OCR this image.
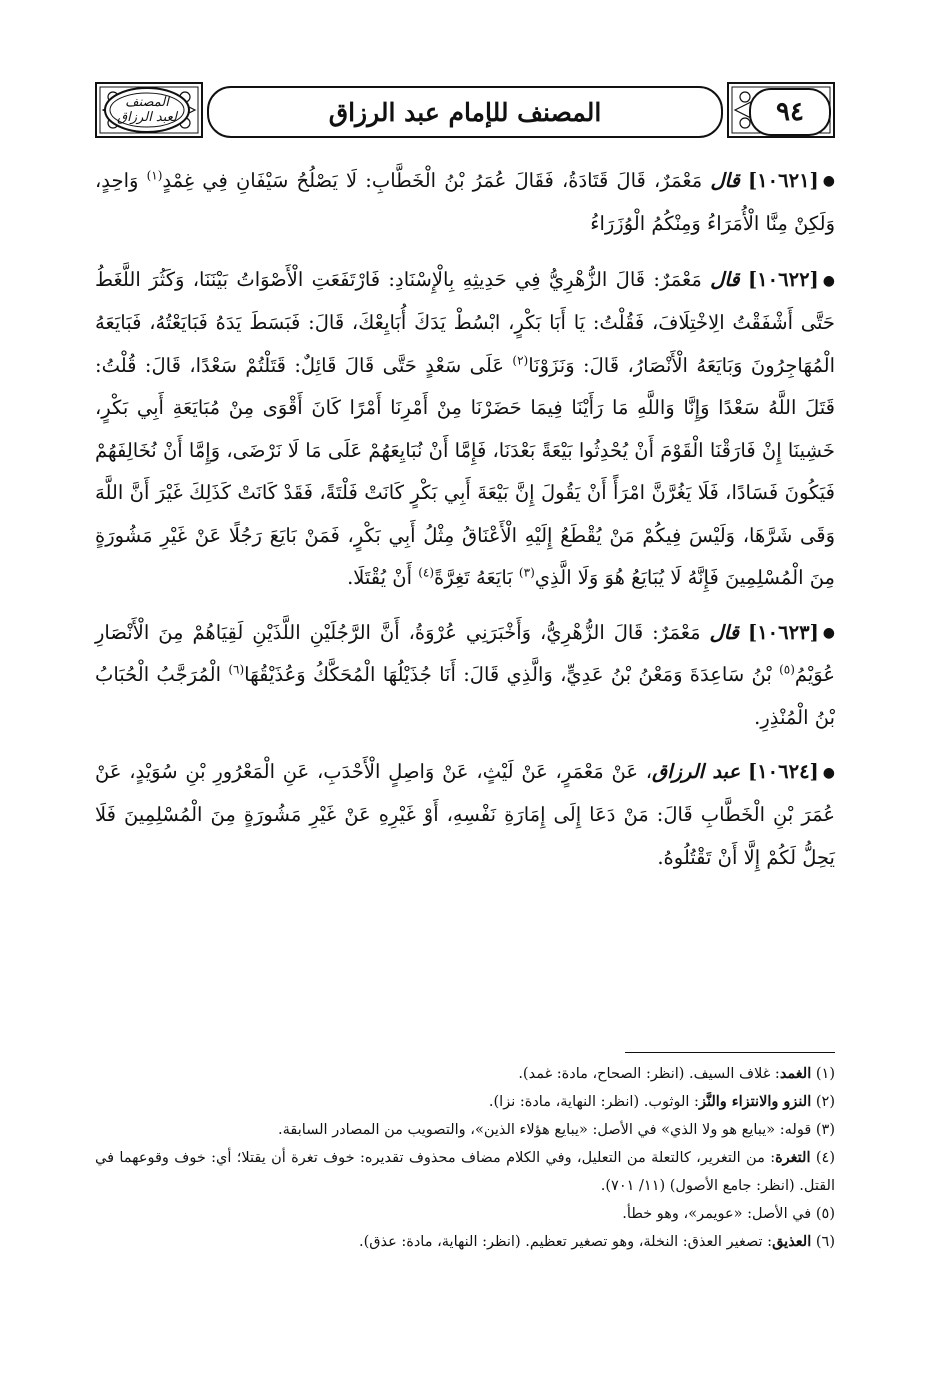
المصنف
لعبد الرزاق	المصنف للإمام عبد الرزاق	٩٤

●[١٠٦٢١] قال مَعْمَرٌ، قَالَ قَتَادَةُ، فَقَالَ عُمَرُ بْنُ الْخَطَّابِ: لَا يَصْلُحُ سَيْفَانِ فِي غِمْدٍ$^{(١)}$ وَاحِدٍ، وَلَكِنْ مِنَّا الْأُمَرَاءُ وَمِنْكُمُ الْوُزَرَاءُ

●[١٠٦٢٢] قال مَعْمَرٌ: قَالَ الزُّهْرِيُّ فِي حَدِيثِهِ بِالْإِسْنَادِ: فَارْتَفَعَتِ الْأَصْوَاتُ بَيْنَنَا، وَكَثُرَ اللَّغَطُ حَتَّى أَشْفَقْتُ الِاخْتِلَافَ، فَقُلْتُ: يَا أَبَا بَكْرٍ، ابْسُطْ يَدَكَ أُبَايِعْكَ، قَالَ: فَبَسَطَ يَدَهُ فَبَايَعْتُهُ، فَبَايَعَهُ الْمُهَاجِرُونَ وَبَايَعَهُ الْأَنْصَارُ، قَالَ: وَنَزَوْنَا$^{(٢)}$ عَلَى سَعْدٍ حَتَّى قَالَ قَائِلٌ: قَتَلْتُمْ سَعْدًا، قَالَ: قُلْتُ: قَتَلَ اللَّهُ سَعْدًا وَإِنَّا وَاللَّهِ مَا رَأَيْنَا فِيمَا حَضَرْنَا مِنْ أَمْرِنَا أَمْرًا كَانَ أَقْوَى مِنْ مُبَايَعَةِ أَبِي بَكْرٍ، خَشِينَا إِنْ فَارَقْنَا الْقَوْمَ أَنْ يُحْدِثُوا بَيْعَةً بَعْدَنَا، فَإِمَّا أَنْ نُبَايِعَهُمْ عَلَى مَا لَا نَرْضَى، وَإِمَّا أَنْ نُخَالِفَهُمْ فَيَكُونَ فَسَادًا، فَلَا يَغُرَّنَّ امْرَأً أَنْ يَقُولَ إِنَّ بَيْعَةَ أَبِي بَكْرٍ كَانَتْ فَلْتَةً، فَقَدْ كَانَتْ كَذَلِكَ غَيْرَ أَنَّ اللَّهَ وَقَى شَرَّهَا، وَلَيْسَ فِيكُمْ مَنْ يُقْطَعُ إِلَيْهِ الْأَعْنَاقُ مِثْلُ أَبِي بَكْرٍ، فَمَنْ بَايَعَ رَجُلًا عَنْ غَيْرِ مَشُورَةٍ مِنَ الْمُسْلِمِينَ فَإِنَّهُ لَا يُبَايَعُ هُوَ وَلَا الَّذِي$^{(٣)}$ بَايَعَهُ تَغِرَّةً$^{(٤)}$ أَنْ يُقْتَلَا.

●[١٠٦٢٣] قال مَعْمَرٌ: قَالَ الزُّهْرِيُّ، وَأَخْبَرَنِي عُرْوَةُ، أَنَّ الرَّجُلَيْنِ اللَّذَيْنِ لَقِيَاهُمْ مِنَ الْأَنْصَارِ عُوَيْمُ$^{(٥)}$ بْنُ سَاعِدَةَ وَمَعْنُ بْنُ عَدِيٍّ، وَالَّذِي قَالَ: أَنَا جُذَيْلُهَا الْمُحَكَّكُ وَعُذَيْقُهَا$^{(٦)}$ الْمُرَجَّبُ الْحُبَابُ بْنُ الْمُنْذِرِ.

●[١٠٦٢٤] عبد الرزاق، عَنْ مَعْمَرٍ، عَنْ لَيْثٍ، عَنْ وَاصِلٍ الْأَحْدَبِ، عَنِ الْمَعْرُورِ بْنِ سُوَيْدٍ، عَنْ عُمَرَ بْنِ الْخَطَّابِ قَالَ: مَنْ دَعَا إِلَى إِمَارَةِ نَفْسِهِ، أَوْ غَيْرِهِ عَنْ غَيْرِ مَشُورَةٍ مِنَ الْمُسْلِمِينَ فَلَا يَحِلُّ لَكُمْ إِلَّا أَنْ تَقْتُلُوهُ.

(١) الغمد: غلاف السيف. (انظر: الصحاح، مادة: غمد).

(٢) النزو والانتزاء والنَّز: الوثوب. (انظر: النهاية، مادة: نزا).

(٣) قوله: «يبايع هو ولا الذي» في الأصل: «يبايع هؤلاء الذين»، والتصويب من المصادر السابقة.

(٤) التغرة: من التغرير، كالتعلة من التعليل، وفي الكلام مضاف محذوف تقديره: خوف تغرة أن يقتلا؛ أي: خوف وقوعهما في القتل. (انظر: جامع الأصول) (١١/ ٧٠١).

(٥) في الأصل: «عويمر»، وهو خطأ.

(٦) العذيق: تصغير العذق: النخلة، وهو تصغير تعظيم. (انظر: النهاية، مادة: عذق).
